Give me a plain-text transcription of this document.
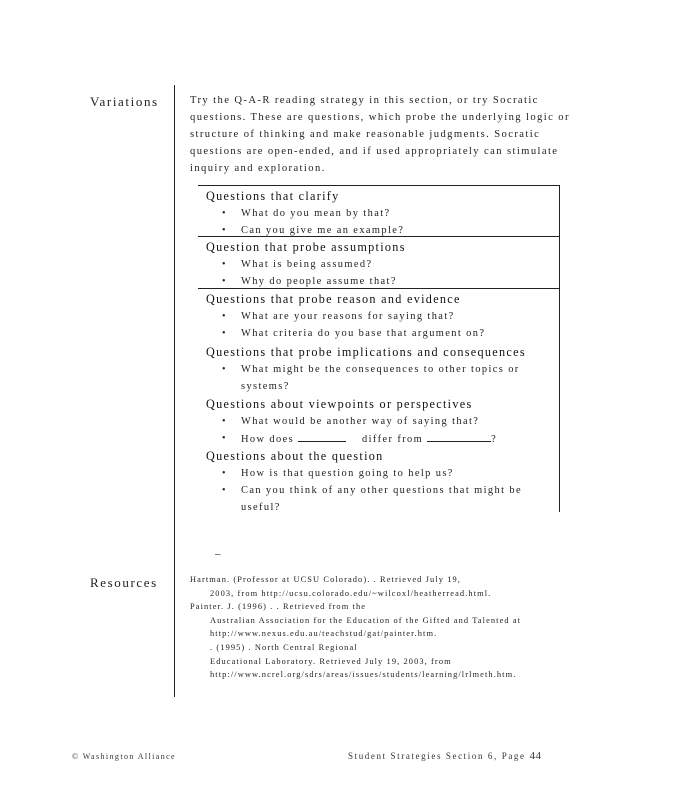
Variations
Resources
Try the Q-A-R reading strategy in this section, or try Socratic
questions. These are questions, which probe the underlying logic or
structure of thinking and make reasonable judgments. Socratic
questions are open-ended, and if used appropriately can stimulate
inquiry and exploration.
Questions that clarify
• What do you mean by that?
• Can you give me an example?
Question that probe assumptions
• What is being assumed?
• Why do people assume that?
Questions that probe reason and evidence
• What are your reasons for saying that?
• What criteria do you base that argument on?
Questions that probe implications and consequences
• What might be the consequences to other topics or
systems?
Questions about viewpoints or perspectives
• What would be another way of saying that?
• How does	differ from	?
Questions about the question
• How is that question going to help us?
• Can you think of any other questions that might be
useful?
–

Hartman. (Professor at UCSU Colorado). . Retrieved July 19,

2003, from http://ucsu.colorado.edu/~wilcoxl/heatherread.html.

Painter. J. (1996) . . Retrieved from the

Australian Association for the Education of the Gifted and Talented at

http://www.nexus.edu.au/teachstud/gat/painter.htm.

. (1995) . North Central Regional

Educational Laboratory. Retrieved July 19, 2003, from

http://www.ncrel.org/sdrs/areas/issues/students/learning/lrlmeth.htm.

© Washington Alliance	Student Strategies Section 6, Page 44
